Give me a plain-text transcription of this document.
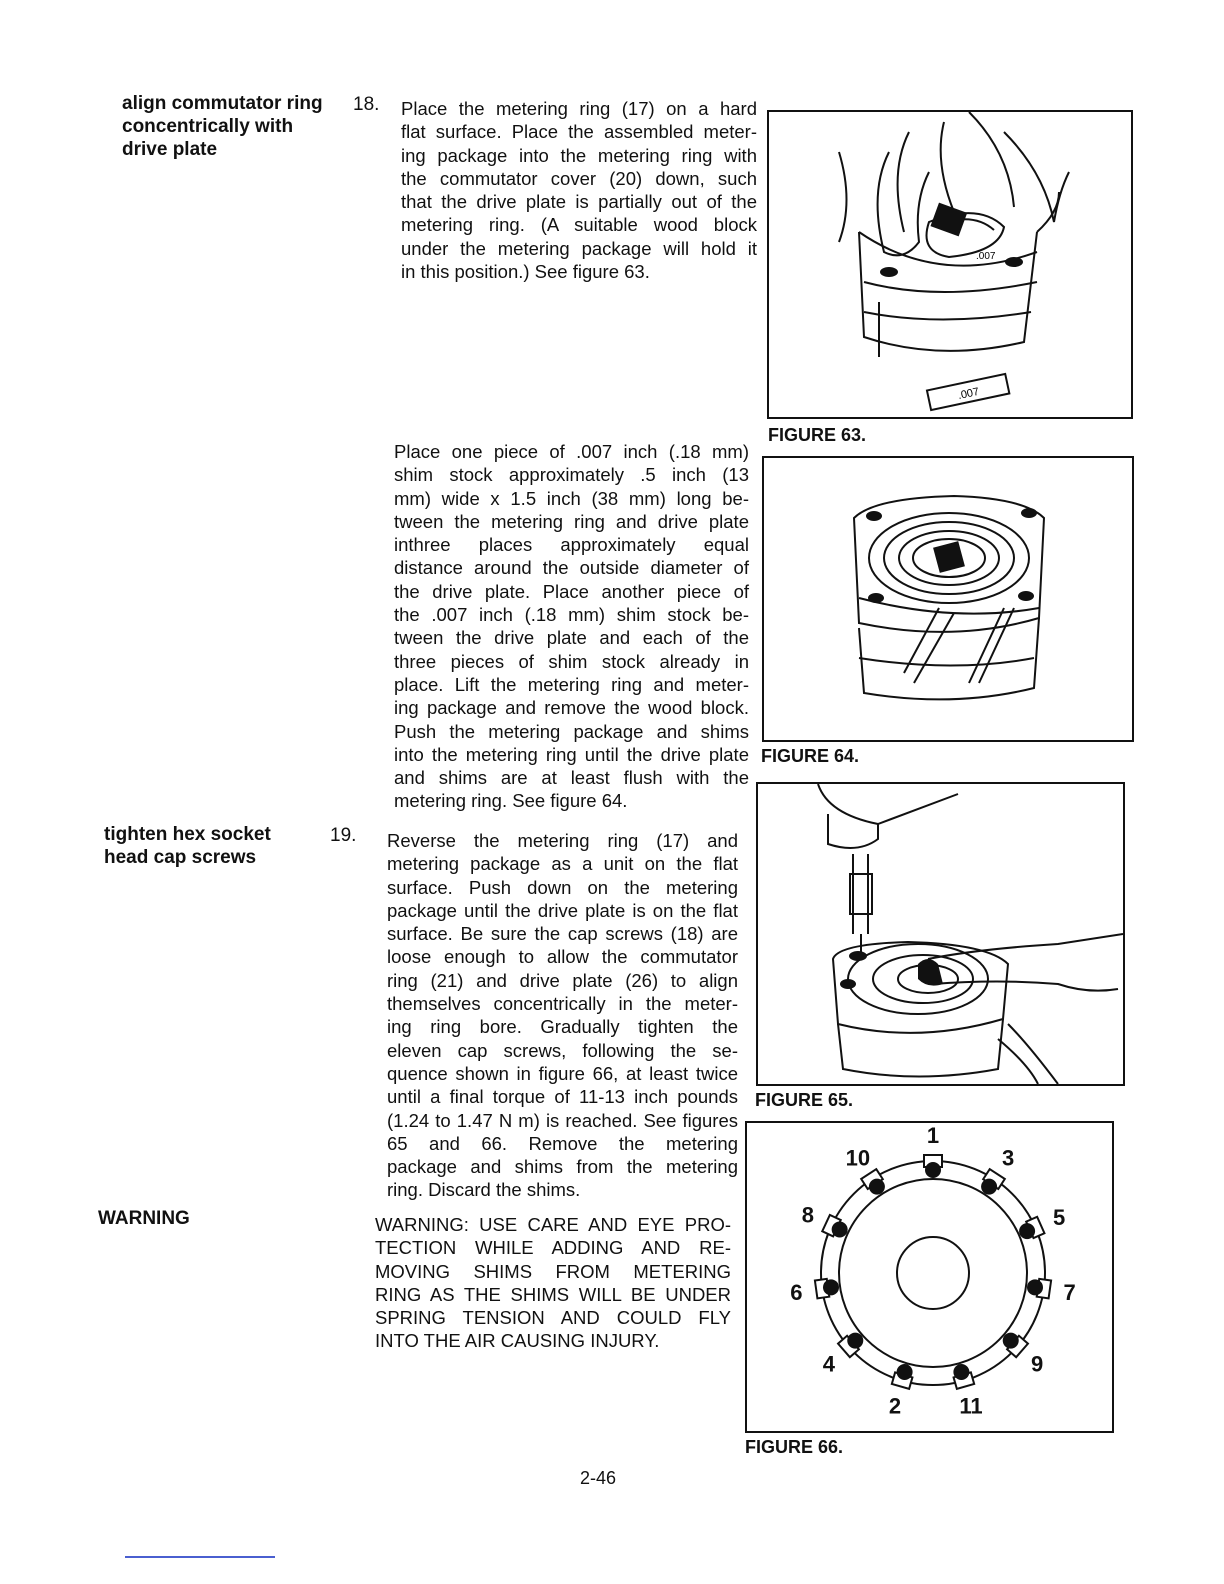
align commutator ring
concentrically with
drive plate
18. Place the metering ring (17) on a hard
flat surface. Place the assembled meter-
ing package into the metering ring with
the commutator cover (20) down, such
that the drive plate is partially out of the
metering ring. (A suitable wood block
under the metering package will hold it
in this position.) See figure 63.
Place one piece of .007 inch (.18 mm)
shim stock approximately .5 inch (13
mm) wide x 1.5 inch (38 mm) long be-
tween the metering ring and drive plate
inthree places approximately equal
distance around the outside diameter of
the drive plate. Place another piece of
the .007 inch (.18 mm) shim stock be-
tween the drive plate and each of the
three pieces of shim stock already in
place. Lift the metering ring and meter-
ing package and remove the wood block.
Push the metering package and shims
into the metering ring until the drive plate
and shims are at least flush with the
metering ring. See figure 64.
tighten hex socket
head cap screws
19. Reverse the metering ring (17) and
metering package as a unit on the flat
surface. Push down on the metering
package until the drive plate is on the flat
surface. Be sure the cap screws (18) are
loose enough to allow the commutator
ring (21) and drive plate (26) to align
themselves concentrically in the meter-
ing ring bore. Gradually tighten the
eleven cap screws, following the se-
quence shown in figure 66, at least twice
until a final torque of 11-13 inch pounds
(1.24 to 1.47 N m) is reached. See figures
65 and 66. Remove the metering
package and shims from the metering
ring. Discard the shims.
WARNING	WARNING: USE CARE AND EYE PRO-
TECTION WHILE ADDING AND RE-
MOVING SHIMS FROM METERING
RING AS THE SHIMS WILL BE UNDER
SPRING TENSION AND COULD FLY
INTO THE AIR CAUSING INJURY.
.007
.007
FIGURE 63.
FIGURE 64.
FIGURE 65.
1
2
3
4
5
6	7
8
9
10
11
FIGURE 66.
2-46
